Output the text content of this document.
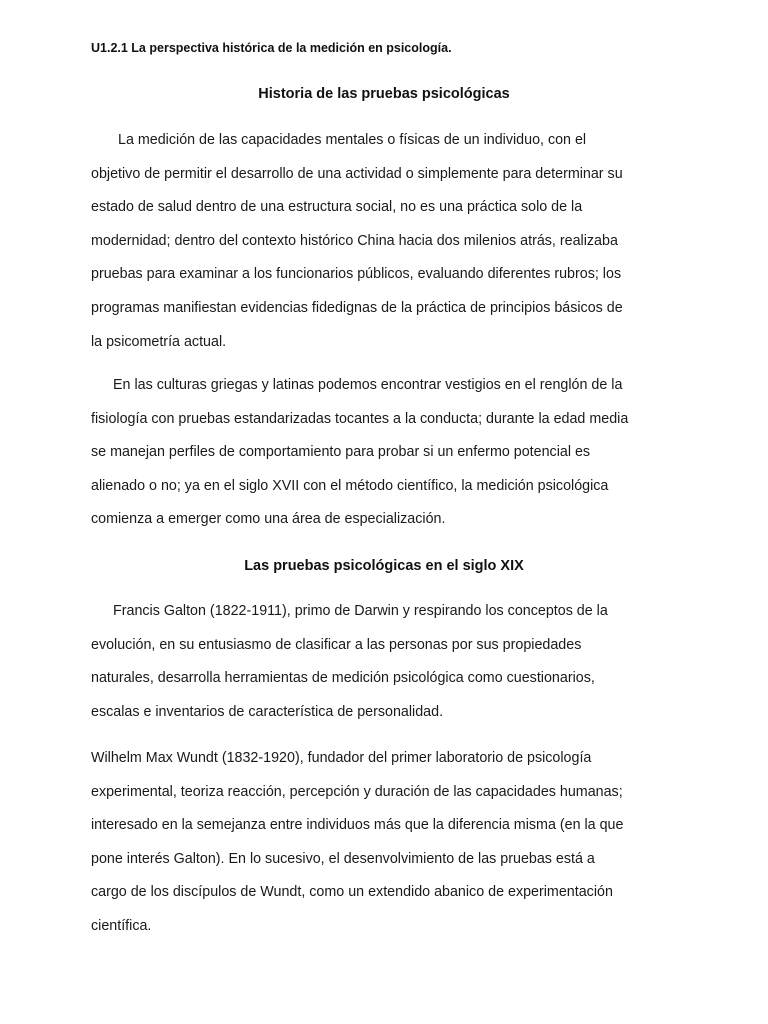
U1.2.1 La perspectiva histórica de la medición en psicología.
Historia de las pruebas psicológicas
La medición de las capacidades mentales o físicas de un individuo, con el
objetivo de permitir el desarrollo de una actividad o simplemente para determinar su
estado de salud dentro de una estructura social, no es una práctica solo de la
modernidad; dentro del contexto histórico China hacia dos milenios atrás, realizaba
pruebas para examinar a los funcionarios públicos, evaluando diferentes rubros; los
programas manifiestan evidencias fidedignas de la práctica de principios básicos de
la psicometría actual.
En las culturas griegas y latinas podemos encontrar vestigios en el renglón de la
fisiología con pruebas estandarizadas tocantes a la conducta; durante la edad media
se manejan perfiles de comportamiento para probar si un enfermo potencial es
alienado o no; ya en el siglo XVII con el método científico, la medición psicológica
comienza a emerger como una área de especialización.
Las pruebas psicológicas en el siglo XIX
Francis Galton (1822-1911), primo de Darwin y respirando los conceptos de la
evolución, en su entusiasmo de clasificar a las personas por sus propiedades
naturales, desarrolla herramientas de medición psicológica como cuestionarios,
escalas e inventarios de característica de personalidad.
Wilhelm Max Wundt (1832-1920), fundador del primer laboratorio de psicología
experimental, teoriza reacción, percepción y duración de las capacidades humanas;
interesado en la semejanza entre individuos más que la diferencia misma (en la que
pone interés Galton). En lo sucesivo, el desenvolvimiento de las pruebas está a
cargo de los discípulos de Wundt, como un extendido abanico de experimentación
científica.
